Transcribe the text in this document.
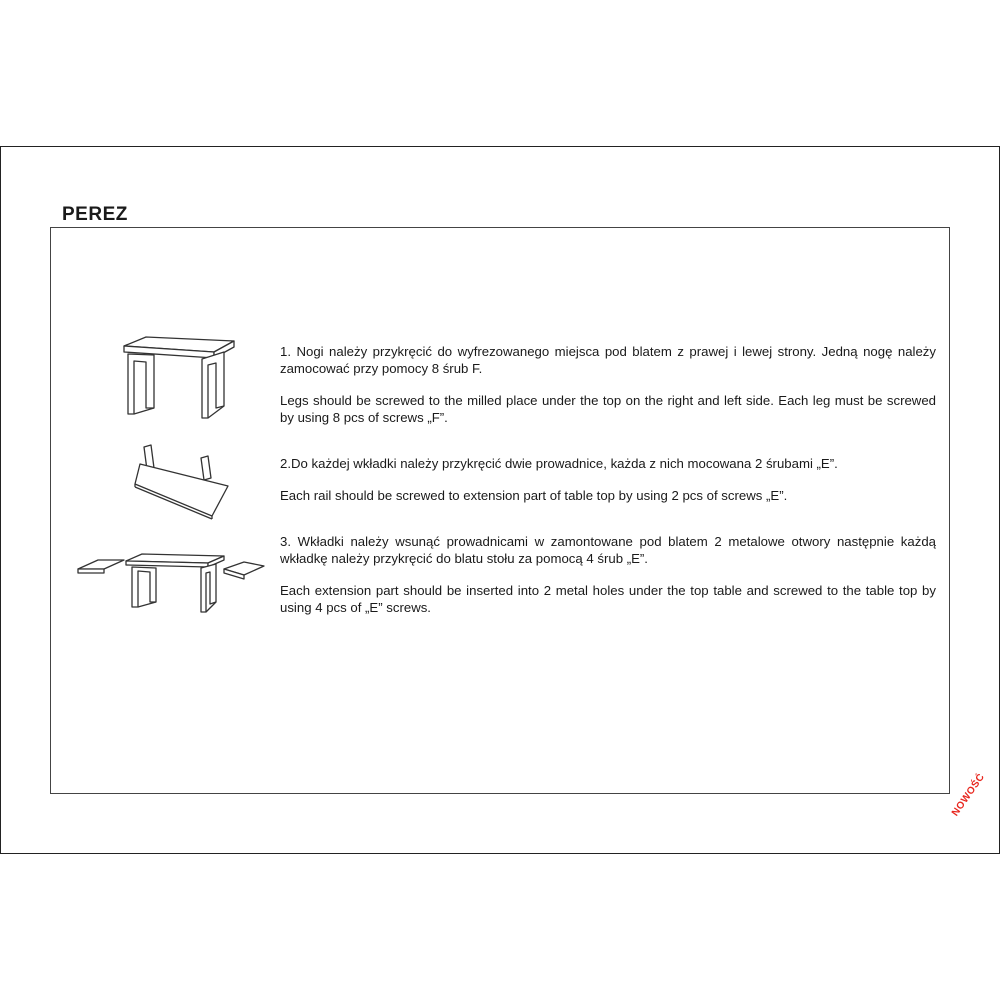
PEREZ

1. Nogi należy przykręcić do wyfrezowanego miejsca pod blatem z prawej i lewej strony. Jedną nogę należy zamocować przy pomocy 8 śrub F.

Legs should be screwed to the milled place under the top on the right and left side. Each leg must be screwed by using 8 pcs of screws „F”.

2.Do każdej wkładki należy przykręcić dwie prowadnice, każda z nich mocowana 2 śrubami „E”.

Each rail should be screwed to extension part of table top by using 2 pcs of screws „E”.

3. Wkładki należy wsunąć prowadnicami w zamontowane pod blatem 2 metalowe otwory następnie każdą wkładkę należy przykręcić do blatu stołu za pomocą 4 śrub „E”.

Each extension part should be inserted into 2 metal holes under the top table and screwed to the table top by using 4 pcs of „E” screws.

NOWOŚĆ
